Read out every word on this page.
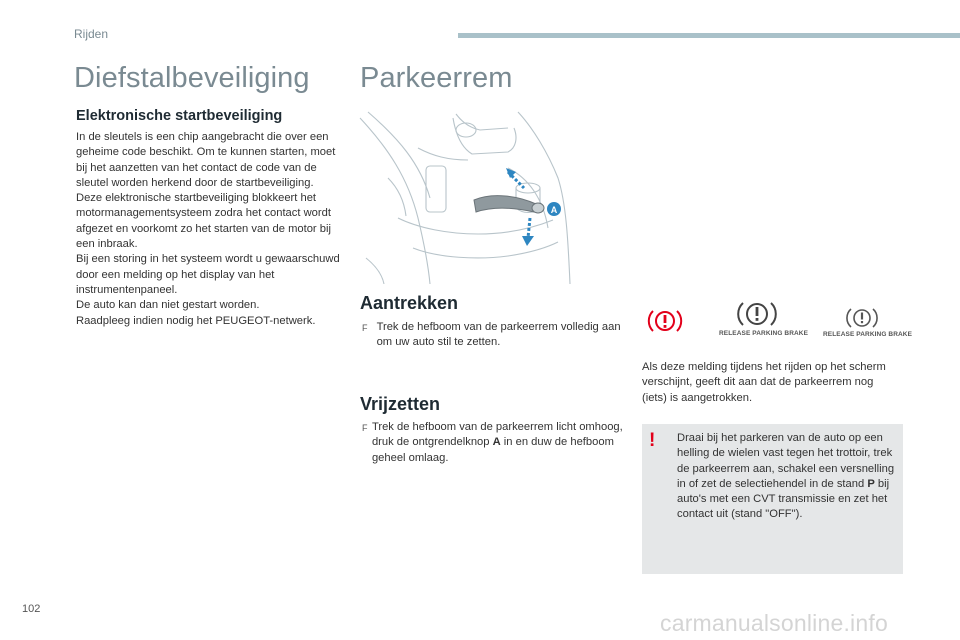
Rijden
Diefstalbeveiliging
Elektronische startbeveiliging

In de sleutels is een chip aangebracht die over een geheime code beschikt. Om te kunnen starten, moet bij het aanzetten van het contact de code van de sleutel worden herkend door de startbeveiliging.

Deze elektronische startbeveiliging blokkeert het motormanagementsysteem zodra het contact wordt afgezet en voorkomt zo het starten van de motor bij een inbraak.

Bij een storing in het systeem wordt u gewaarschuwd door een melding op het display van het instrumentenpaneel.

De auto kan dan niet gestart worden.

Raadpleeg indien nodig het PEUGEOT-netwerk.

Parkeerrem
A
Aantrekken
F Trek de hefboom van de parkeerrem volledig aan om uw auto stil te zetten.
Vrijzetten
F Trek de hefboom van de parkeerrem licht omhoog, druk de ontgrendelknop A in en duw de hefboom geheel omlaag.
RELEASE PARKING BRAKE RELEASE PARKING BRAKE
Als deze melding tijdens het rijden op het scherm verschijnt, geeft dit aan dat de parkeerrem nog (iets) is aangetrokken.
! Draai bij het parkeren van de auto op een helling de wielen vast tegen het trottoir, trek de parkeerrem aan, schakel een versnelling in of zet de selectiehendel in de stand P bij auto's met een CVT transmissie en zet het contact uit (stand "OFF").
102
carmanualsonline.info
